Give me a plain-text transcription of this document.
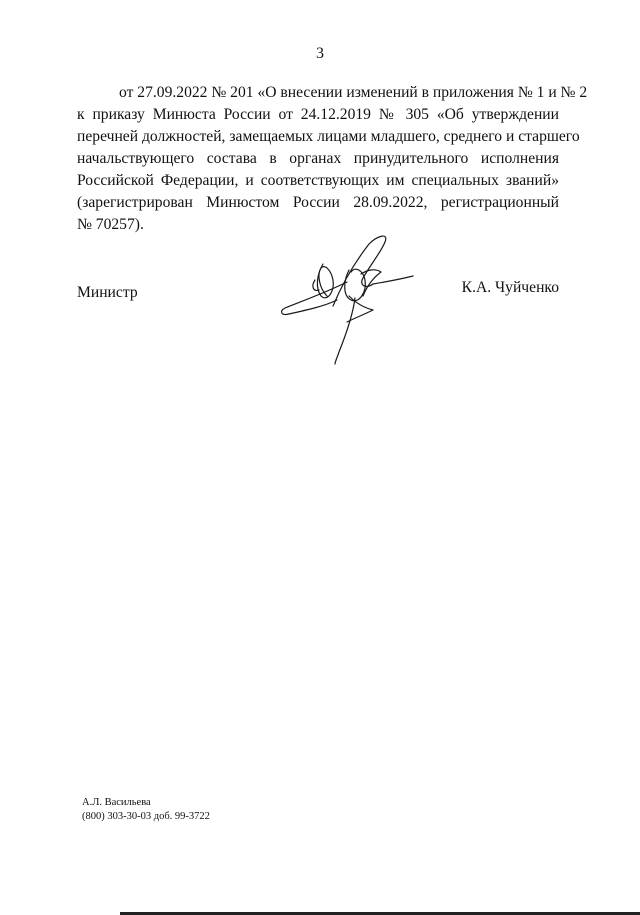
3
от 27.09.2022 № 201 «О внесении изменений в приложения № 1 и № 2
к приказу Минюста России от 24.12.2019 № 305 «Об утверждении
перечней должностей, замещаемых лицами младшего, среднего и старшего
начальствующего состава в органах принудительного исполнения
Российской Федерации, и соответствующих им специальных званий»
(зарегистрирован Минюстом России 28.09.2022, регистрационный
№ 70257).
Министр	К.А. Чуйченко
А.Л. Васильева
(800) 303-30-03 доб. 99-3722
